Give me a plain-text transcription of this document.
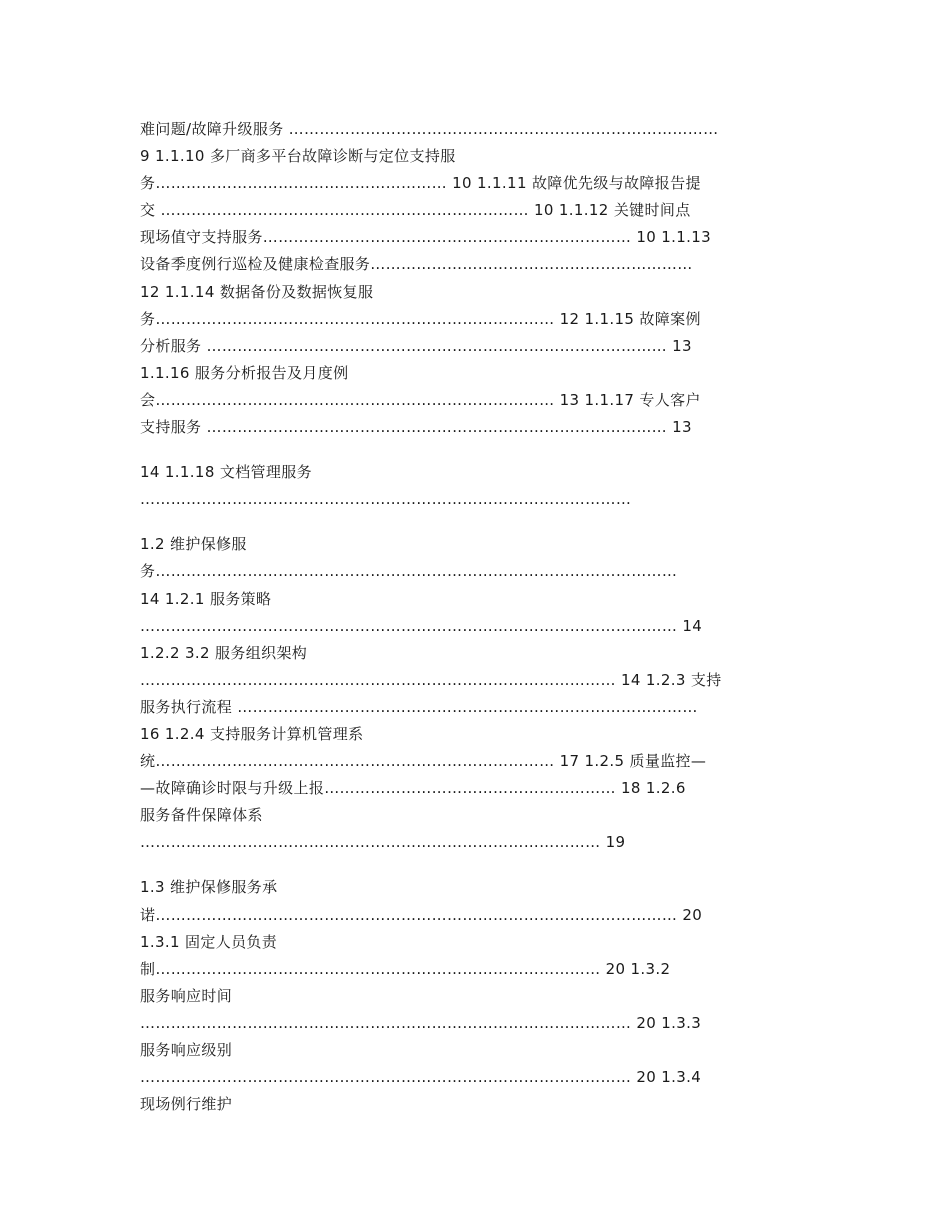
难问题/故障升级服务 …………………………………………………………………………
9 1.1.10 多厂商多平台故障诊断与定位支持服
务………………………………………………… 10 1.1.11 故障优先级与故障报告提
交 ……………………………………………………………… 10 1.1.12 关键时间点
现场值守支持服务……………………………………………………………… 10 1.1.13
设备季度例行巡检及健康检查服务………………………………………………………
12 1.1.14 数据备份及数据恢复服
务…………………………………………………………………… 12 1.1.15 故障案例
分析服务 ……………………………………………………………………………… 13
1.1.16 服务分析报告及月度例
会…………………………………………………………………… 13 1.1.17 专人客户
支持服务 ……………………………………………………………………………… 13
14 1.1.18 文档管理服务
……………………………………………………………………………………
1.2 维护保修服
务…………………………………………………………………………………………
14 1.2.1 服务策略
…………………………………………………………………………………………… 14
1.2.2 3.2 服务组织架构
………………………………………………………………………………… 14 1.2.3 支持
服务执行流程 ………………………………………………………………………………
16 1.2.4 支持服务计算机管理系
统…………………………………………………………………… 17 1.2.5 质量监控—
—故障确诊时限与升级上报………………………………………………… 18 1.2.6
服务备件保障体系
……………………………………………………………………………… 19
1.3 维护保修服务承
诺………………………………………………………………………………………… 20
1.3.1 固定人员负责
制…………………………………………………………………………… 20 1.3.2
服务响应时间
…………………………………………………………………………………… 20 1.3.3
服务响应级别
…………………………………………………………………………………… 20 1.3.4
现场例行维护
